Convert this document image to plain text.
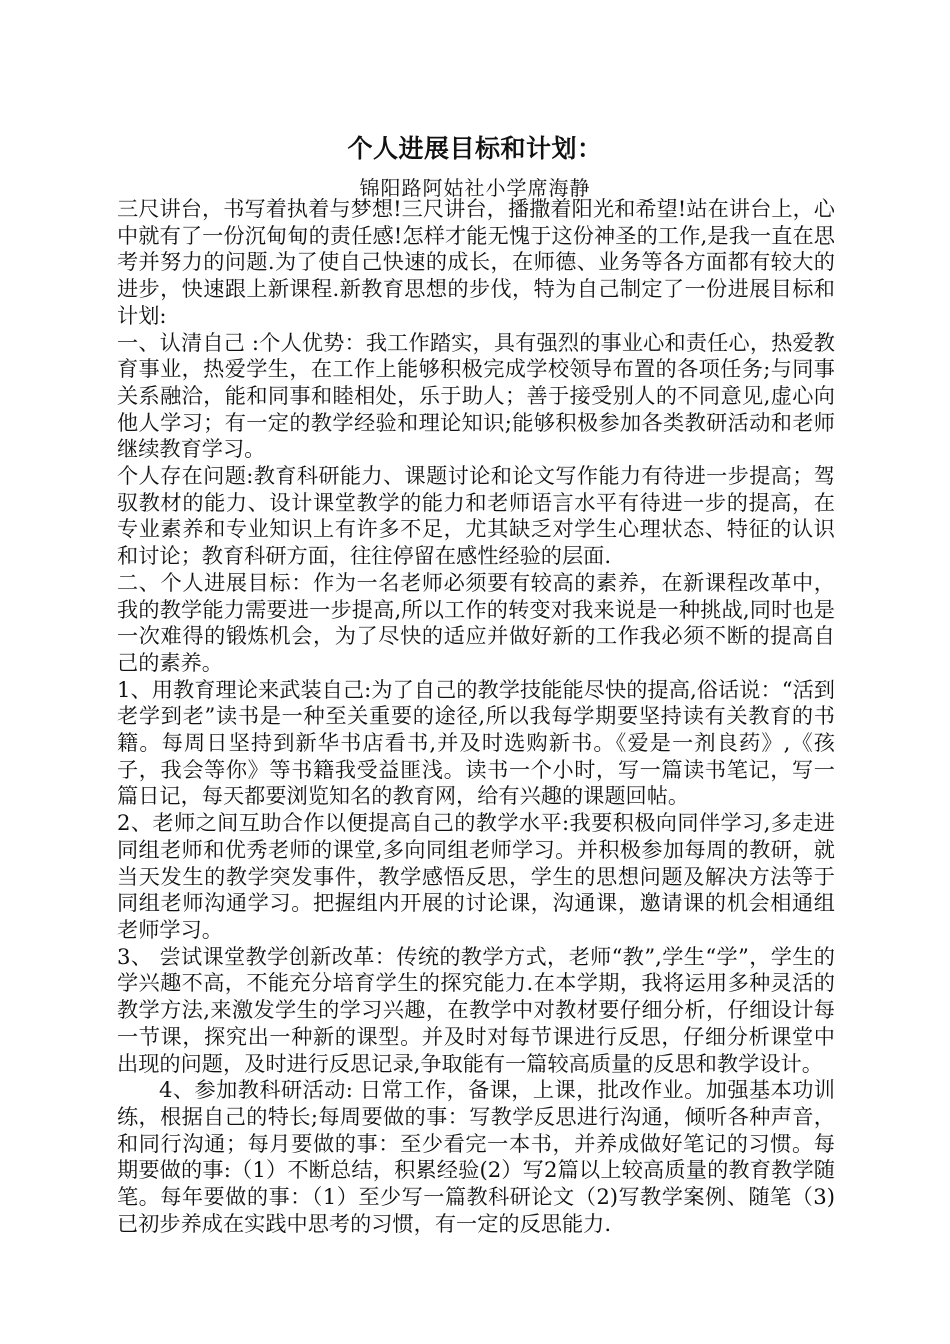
个人进展目标和计划：
锦阳路阿姑社小学席海静

三尺讲台，书写着执着与梦想!三尺讲台，播撒着阳光和希望!站在讲台上，心中就有了一份沉甸甸的责任感!怎样才能无愧于这份神圣的工作,是我一直在思考并努力的问题.为了使自己快速的成长，在师德、业务等各方面都有较大的进步，快速跟上新课程.新教育思想的步伐，特为自己制定了一份进展目标和计划:

一、认清自己 :个人优势：我工作踏实，具有强烈的事业心和责任心，热爱教育事业，热爱学生，在工作上能够积极完成学校领导布置的各项任务;与同事关系融洽，能和同事和睦相处，乐于助人；善于接受别人的不同意见,虚心向他人学习；有一定的教学经验和理论知识;能够积极参加各类教研活动和老师继续教育学习。

个人存在问题:教育科研能力、课题讨论和论文写作能力有待进一步提高；驾驭教材的能力、设计课堂教学的能力和老师语言水平有待进一步的提高，在专业素养和专业知识上有许多不足，尤其缺乏对学生心理状态、特征的认识和讨论；教育科研方面，往往停留在感性经验的层面.

二、个人进展目标：作为一名老师必须要有较高的素养，在新课程改革中，我的教学能力需要进一步提高,所以工作的转变对我来说是一种挑战,同时也是一次难得的锻炼机会，为了尽快的适应并做好新的工作我必须不断的提高自己的素养。

1、用教育理论来武装自己:为了自己的教学技能能尽快的提高,俗话说：“活到老学到老”读书是一种至关重要的途径,所以我每学期要坚持读有关教育的书籍。每周日坚持到新华书店看书,并及时选购新书。《爱是一剂良药》,《孩子，我会等你》等书籍我受益匪浅。读书一个小时，写一篇读书笔记，写一篇日记，每天都要浏览知名的教育网，给有兴趣的课题回帖。

2、老师之间互助合作以便提高自己的教学水平:我要积极向同伴学习,多走进同组老师和优秀老师的课堂,多向同组老师学习。并积极参加每周的教研，就当天发生的教学突发事件，教学感悟反思，学生的思想问题及解决方法等于同组老师沟通学习。把握组内开展的讨论课，沟通课，邀请课的机会相通组老师学习。

3、 尝试课堂教学创新改革：传统的教学方式，老师“教”,学生“学”，学生的学兴趣不高，不能充分培育学生的探究能力.在本学期，我将运用多种灵活的教学方法,来激发学生的学习兴趣，在教学中对教材要仔细分析，仔细设计每一节课，探究出一种新的课型。并及时对每节课进行反思，仔细分析课堂中出现的问题，及时进行反思记录,争取能有一篇较高质量的反思和教学设计。

4、参加教科研活动: 日常工作，备课，上课，批改作业。加强基本功训练，根据自己的特长;每周要做的事：写教学反思进行沟通，倾听各种声音，和同行沟通；每月要做的事：至少看完一本书，并养成做好笔记的习惯。每期要做的事:（1）不断总结，积累经验(2）写2篇以上较高质量的教育教学随笔。每年要做的事：（1）至少写一篇教科研论文（2)写教学案例、随笔（3)已初步养成在实践中思考的习惯，有一定的反思能力.
